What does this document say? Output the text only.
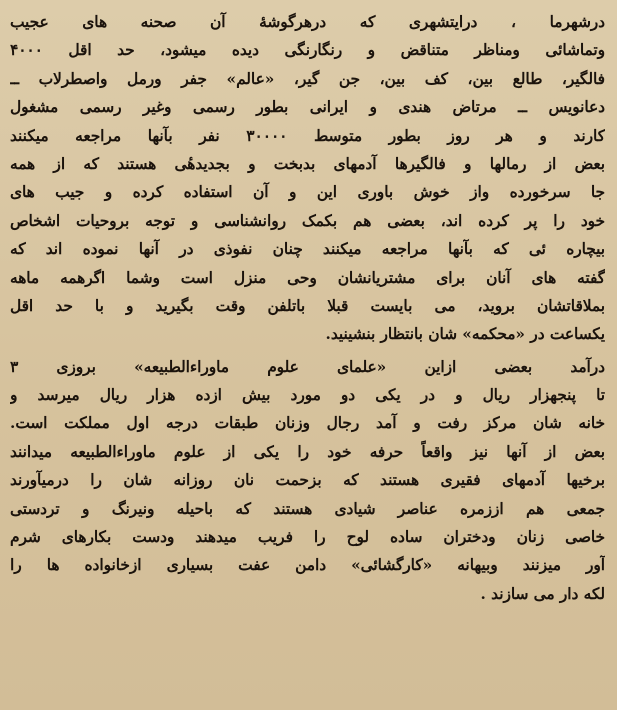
درشهرما ، درایتشهری که درهرگوشهٔ آن صحنه های عجیب
وتماشائی ومناظر متناقض و رنگارنگی دیده میشود، حد اقل ۴۰۰۰
فالگیر، طالع بین، کف بین، جن گیر، «عالم» جفر ورمل واصطرلاب ــ
دعانویس ــ مرتاض هندی و ایرانی بطور رسمی وغیر رسمی مشغول
کارند و هر روز بطور متوسط ۳۰۰۰۰ نفر بآنها مراجعه میکنند
بعض از رمالها و فالگیرها آدمهای بدبخت و بجدیدهٔی هستند که از همه
جا سرخورده واز خوش باوری این و آن استفاده کرده و جیب های
خود را پر کرده اند، بعضی هم بکمک روانشناسی و توجه بروحیات اشخاص
بیچاره ئی که بآنها مراجعه میکنند چنان نفوذی در آنها نموده اند که
گفته های آنان برای مشتریانشان وحی منزل است وشما اگرهمه ماهه
بملاقاتشان بروید، می بایست قبلا باتلفن وقت بگیرید و با حد اقل
یکساعت در «محکمه» شان بانتظار بنشینید.
درآمد بعضی ازاین «علمای علوم ماوراءالطبیعه» بروزی ۳
تا پنجهزار ریال و در یکی دو مورد بیش ازده هزار ریال میرسد و
خانه شان مرکز رفت و آمد رجال وزنان طبقات درجه اول مملکت است.
بعض از آنها نیز واقعاً حرفه خود را یکی از علوم ماوراءالطبیعه میدانند
برخیها آدمهای فقیری هستند که بزحمت نان روزانه شان را درمیآورند
جمعی هم اززمره عناصر شیادی هستند که باحیله ونیرنگ و تردستی
خاصی زنان ودختران ساده لوح را فریب میدهند ودست بکارهای شرم
آور میزنند وبیهانه «کارگشائی» دامن عفت بسیاری ازخانواده ها را
لکه دار می سازند .
